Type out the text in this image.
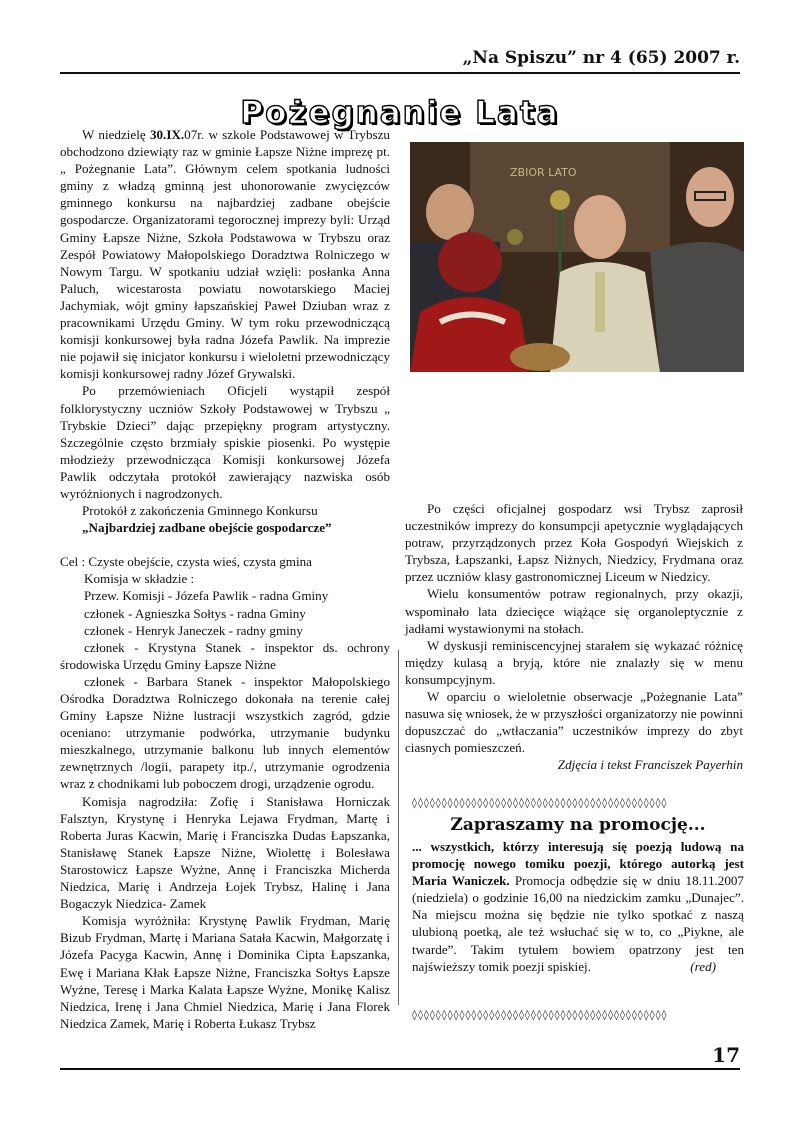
„Na Spiszu” nr 4 (65) 2007 r.
Pożegnanie Lata
ZBIOR LATO

W niedzielę 30.IX.07r. w szkole Podstawowej w Trybszu obchodzono dziewiąty raz w gminie Łapsze Niżne imprezę pt. „ Pożegnanie Lata”. Głównym celem spotkania ludności gminy z władzą gminną jest uhonorowanie zwycięzców gminnego konkursu na najbardziej zadbane obejście gospodarcze. Organizatorami tegorocznej imprezy byli: Urząd Gminy Łapsze Niżne, Szkoła Podstawowa w Trybszu oraz Zespół Powiatowy Małopolskiego Doradztwa Rolniczego w Nowym Targu. W spotkaniu udział wzięli: posłanka Anna Paluch, wicestarosta powiatu nowotarskiego Maciej Jachymiak, wójt gminy łapszańskiej Paweł Dziuban wraz z pracownikami Urzędu Gminy. W tym roku przewodniczącą komisji konkursowej była radna Józefa Pawlik. Na imprezie nie pojawił się inicjator konkursu i wieloletni przewodniczący komisji konkursowej radny Józef Grywalski.

Po przemówieniach Oficjeli wystąpił zespół folklorystyczny uczniów Szkoły Podstawowej w Trybszu „ Trybskie Dzieci” dając przepiękny program artystyczny. Szczególnie często brzmiały spiskie piosenki. Po występie młodzieży przewodnicząca Komisji konkursowej Józefa Pawlik odczytała protokół zawierający nazwiska osób wyróżnionych i nagrodzonych.

Protokół z zakończenia Gminnego Konkursu

„Najbardziej zadbane obejście gospodarcze”

Cel : Czyste obejście, czysta wieś, czysta gmina

Komisja w składzie :

Przew. Komisji - Józefa Pawlik - radna Gminy

członek - Agnieszka Sołtys - radna Gminy

członek - Henryk Janeczek - radny gminy

członek - Krystyna Stanek - inspektor ds. ochrony środowiska Urzędu Gminy Łapsze Niżne

członek - Barbara Stanek - inspektor Małopolskiego Ośrodka Doradztwa Rolniczego dokonała na terenie całej Gminy Łapsze Niżne lustracji wszystkich zagród, gdzie oceniano: utrzymanie podwórka, utrzymanie budynku mieszkalnego, utrzymanie balkonu lub innych elementów zewnętrznych /logii, parapety itp./, utrzymanie ogrodzenia wraz z chodnikami lub poboczem drogi, urządzenie ogrodu.

Komisja nagrodziła: Zofię i Stanisława Horniczak Falsztyn, Krystynę i Henryka Lejawa Frydman, Martę i Roberta Juras Kacwin, Marię i Franciszka Dudas Łapszanka, Stanisławę Stanek Łapsze Niżne, Wiolettę i Bolesława Starostowicz Łapsze Wyżne, Annę i Franciszka Micherda Niedzica, Marię i Andrzeja Łojek Trybsz, Halinę i Jana Bogaczyk Niedzica- Zamek

Komisja wyróżniła: Krystynę Pawlik Frydman, Marię Bizub Frydman, Martę i Mariana Satała Kacwin, Małgorzatę i Józefa Pacyga Kacwin, Annę i Dominika Cipta Łapszanka, Ewę i Mariana Kłak Łapsze Niżne, Franciszka Sołtys Łapsze Wyżne, Teresę i Marka Kalata Łapsze Wyżne, Monikę Kalisz Niedzica, Irenę i Jana Chmiel Niedzica, Marię i Jana Florek Niedzica Zamek, Marię i Roberta Łukasz Trybsz

Po części oficjalnej gospodarz wsi Trybsz zaprosił uczestników imprezy do konsumpcji apetycznie wyglądających potraw, przyrządzonych przez Koła Gospodyń Wiejskich z Trybsza, Łapszanki, Łapsz Niżnych, Niedzicy, Frydmana oraz przez uczniów klasy gastronomicznej Liceum w Niedzicy.

Wielu konsumentów potraw regionalnych, przy okazji, wspominało lata dziecięce wiążące się organoleptycznie z jadłami wystawionymi na stołach.

W dyskusji reminiscencyjnej starałem się wykazać różnicę między kulasą a bryją, które nie znalazły się w menu konsumpcyjnym.

W oparciu o wieloletnie obserwacje „Pożegnanie Lata” nasuwa się wniosek, że w przyszłości organizatorzy nie powinni dopuszczać do „wtłaczania” uczestników imprezy do zbyt ciasnych pomieszczeń.

Zdjęcia i tekst Franciszek Payerhin

◊◊◊◊◊◊◊◊◊◊◊◊◊◊◊◊◊◊◊◊◊◊◊◊◊◊◊◊◊◊◊◊◊◊◊◊◊◊◊◊◊◊◊
Zapraszamy na promocję...

... wszystkich, którzy interesują się poezją ludową na promocję nowego tomiku poezji, którego autorką jest Maria Waniczek. Promocja odbędzie się w dniu 18.11.2007 (niedziela) o godzinie 16,00 na niedzickim zamku „Dunajec”. Na miejscu można się będzie nie tylko spotkać z naszą ulubioną poetką, ale też wsłuchać się w to, co „Piykne, ale twarde”. Takim tytułem bowiem opatrzony jest ten najświeższy tomik poezji spiskiej.	(red)

◊◊◊◊◊◊◊◊◊◊◊◊◊◊◊◊◊◊◊◊◊◊◊◊◊◊◊◊◊◊◊◊◊◊◊◊◊◊◊◊◊◊◊
17
